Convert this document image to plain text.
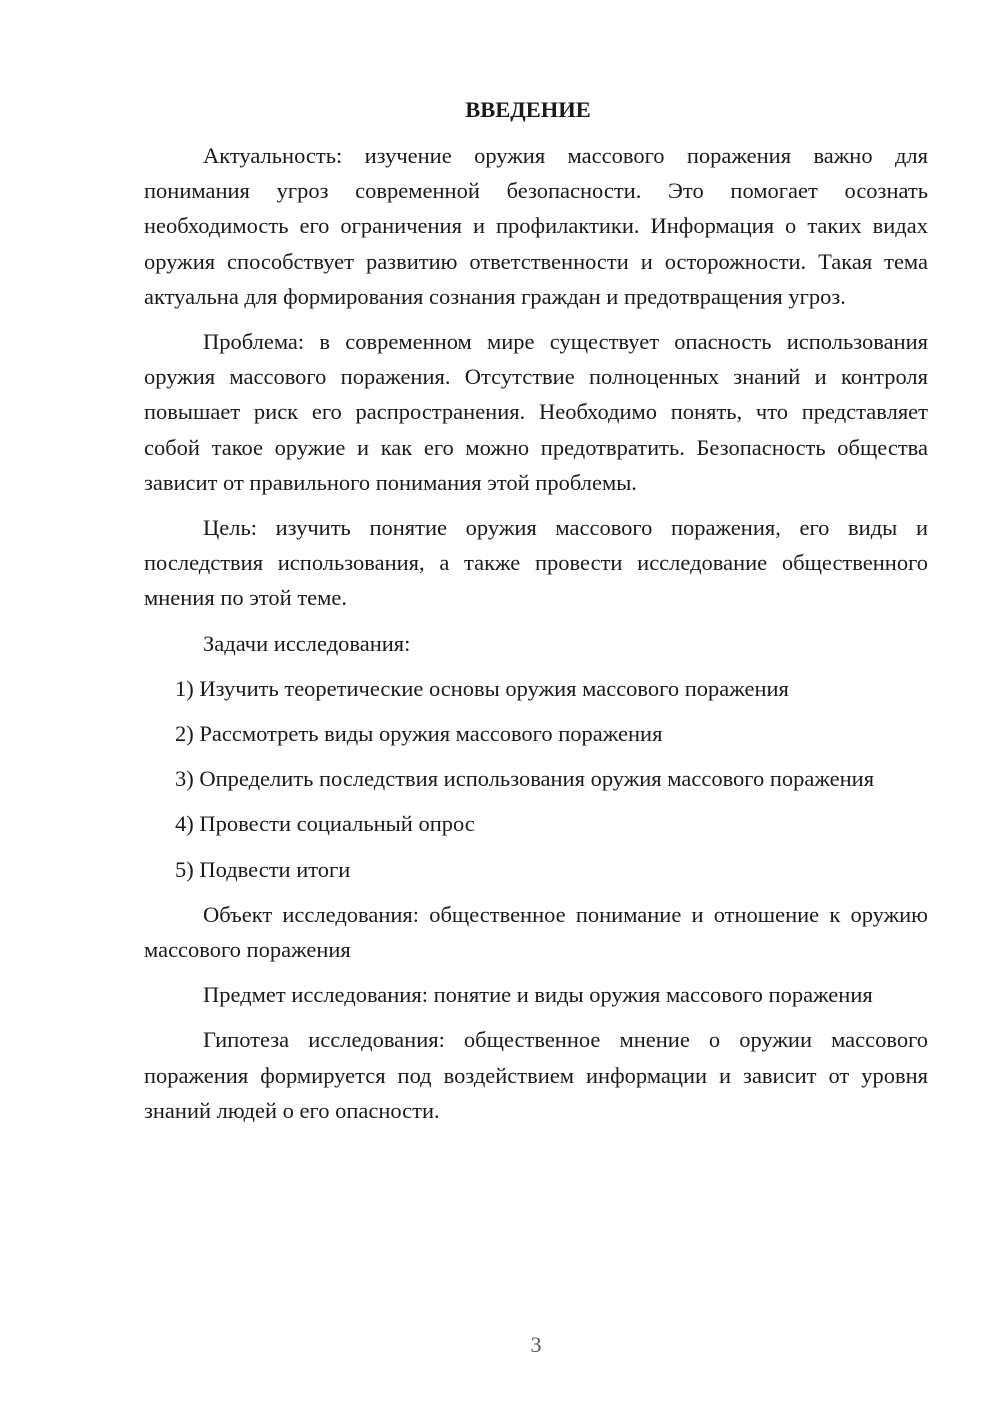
ВВЕДЕНИЕ

Актуальность: изучение оружия массового поражения важно для понимания угроз современной безопасности. Это помогает осознать необходимость его ограничения и профилактики. Информация о таких видах оружия способствует развитию ответственности и осторожности. Такая тема актуальна для формирования сознания граждан и предотвращения угроз.

Проблема: в современном мире существует опасность использования оружия массового поражения. Отсутствие полноценных знаний и контроля повышает риск его распространения. Необходимо понять, что представляет собой такое оружие и как его можно предотвратить. Безопасность общества зависит от правильного понимания этой проблемы.

Цель: изучить понятие оружия массового поражения, его виды и последствия использования, а также провести исследование общественного мнения по этой теме.

Задачи исследования:

1) Изучить теоретические основы оружия массового поражения

2) Рассмотреть виды оружия массового поражения

3) Определить последствия использования оружия массового поражения

4) Провести социальный опрос

5) Подвести итоги

Объект исследования: общественное понимание и отношение к оружию массового поражения

Предмет исследования: понятие и виды оружия массового поражения

Гипотеза исследования: общественное мнение о оружии массового поражения формируется под воздействием информации и зависит от уровня знаний людей о его опасности.

3
